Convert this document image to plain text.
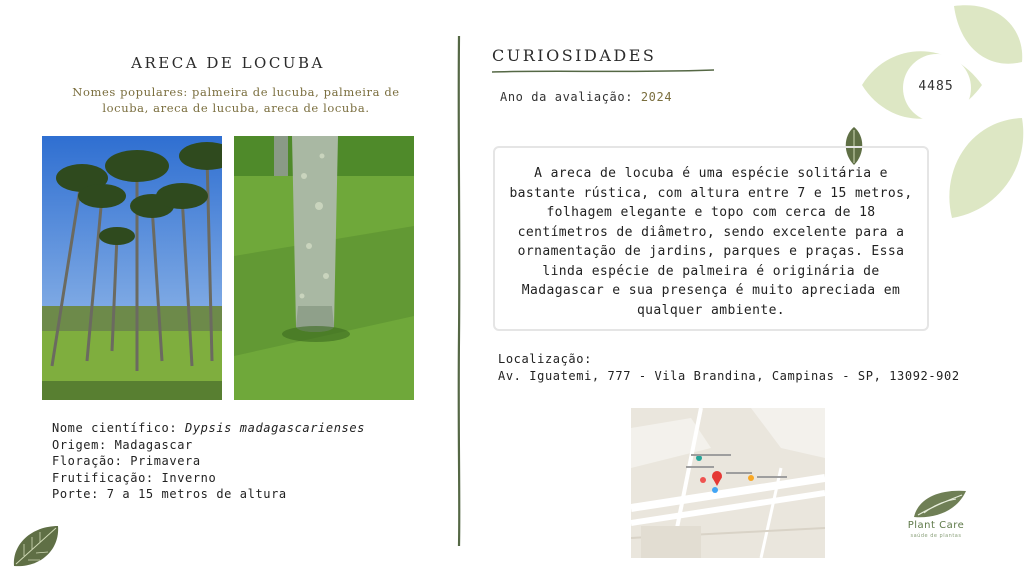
4485
ARECA DE LOCUBA
Nomes populares: palmeira de lucuba, palmeira de locuba, areca de lucuba, areca de locuba.
Nome científico: Dypsis madagascarienses
Origem: Madagascar
Floração: Primavera
Frutificação: Inverno
Porte: 7 a 15 metros de altura
CURIOSIDADES
Ano da avaliação: 2024

A areca de locuba é uma espécie solitária e bastante rústica, com altura entre 7 e 15 metros, folhagem elegante e topo com cerca de 18 centímetros de diâmetro, sendo excelente para a ornamentação de jardins, parques e praças. Essa linda espécie de palmeira é originária de Madagascar e sua presença é muito apreciada em qualquer ambiente.

Localização:
Av. Iguatemi, 777 - Vila Brandina, Campinas - SP, 13092-902
Plant Care
saúde de plantas
